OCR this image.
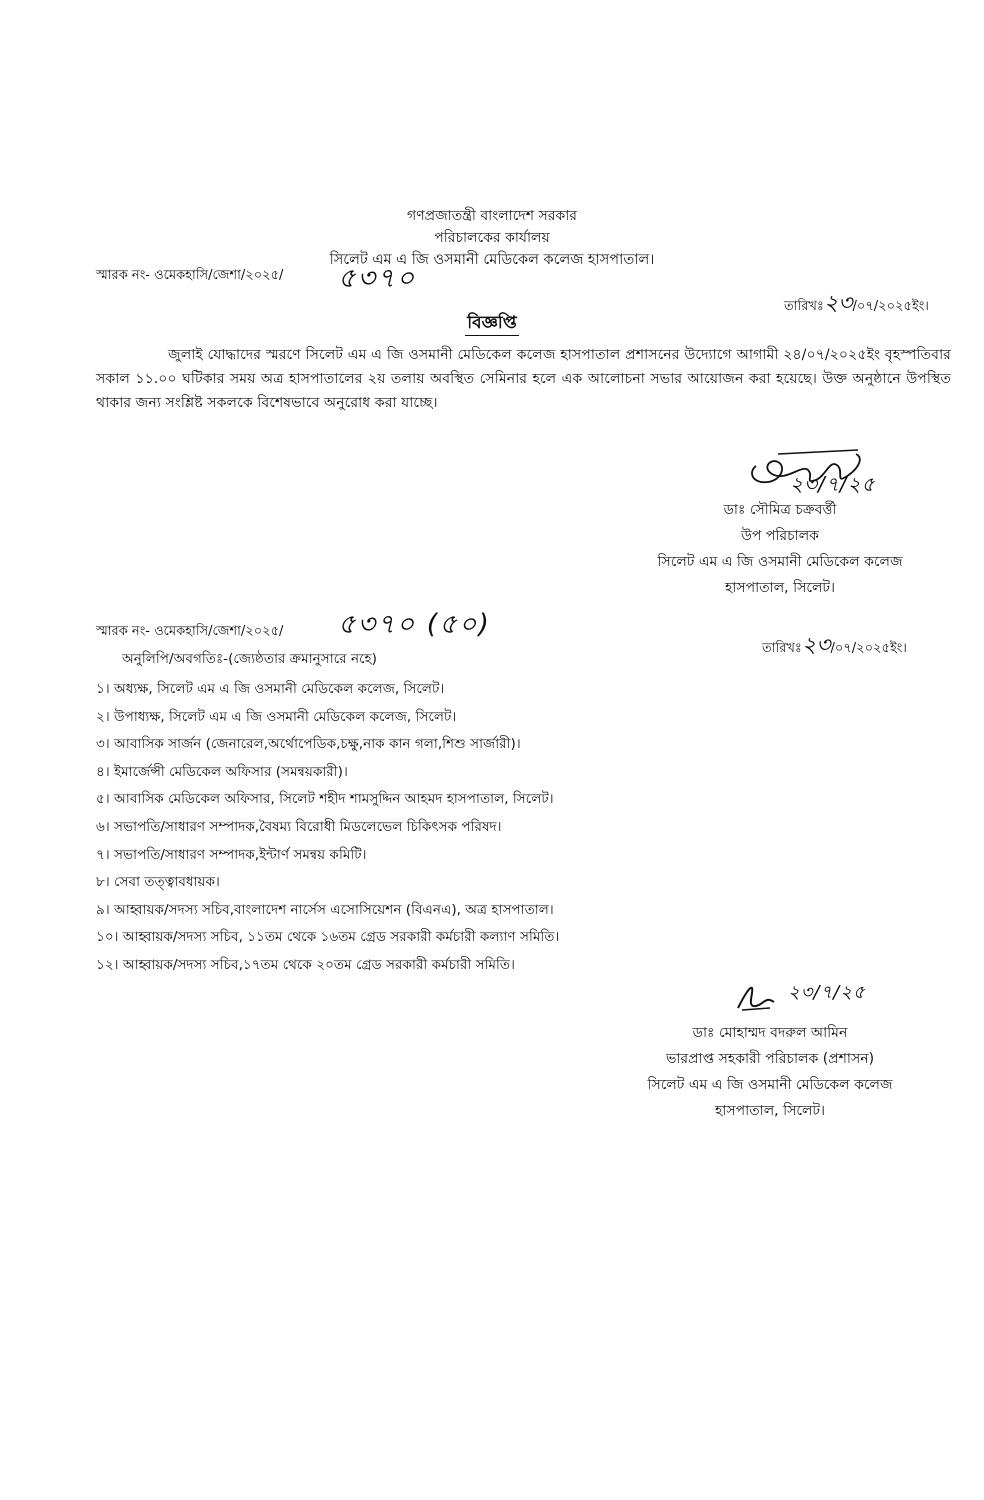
গণপ্রজাতন্ত্রী বাংলাদেশ সরকার
পরিচালকের কার্যালয়
সিলেট এম এ জি ওসমানী মেডিকেল কলেজ হাসপাতাল।
স্মারক নং- ওমেকহাসি/জেশা/২০২৫/ ৫৩৭০
তারিখঃ২৩/০৭/২০২৫ইং।
বিজ্ঞপ্তি
জুলাই যোদ্ধাদের স্মরণে সিলেট এম এ জি ওসমানী মেডিকেল কলেজ হাসপাতাল প্রশাসনের উদ্যোগে আগামী ২৪/০৭/২০২৫ইং বৃহস্পতিবার সকাল ১১.০০ ঘটিকার সময় অত্র হাসপাতালের ২য় তলায় অবস্থিত সেমিনার হলে এক আলোচনা সভার আয়োজন করা হয়েছে। উক্ত অনুষ্ঠানে উপস্থিত থাকার জন্য সংশ্লিষ্ট সকলকে বিশেষভাবে অনুরোধ করা যাচ্ছে।
২৩/৭/২৫
ডাঃ সৌমিত্র চক্রবর্ত্তী
উপ পরিচালক
সিলেট এম এ জি ওসমানী মেডিকেল কলেজ
হাসপাতাল, সিলেট।
স্মারক নং- ওমেকহাসি/জেশা/২০২৫/ ৫৩৭০ (৫০)
তারিখঃ২৩/০৭/২০২৫ইং।
অনুলিপি/অবগতিঃ-(জ্যেষ্ঠতার ক্রমানুসারে নহে)
১। অধ্যক্ষ, সিলেট এম এ জি ওসমানী মেডিকেল কলেজ, সিলেট।
২। উপাধ্যক্ষ, সিলেট এম এ জি ওসমানী মেডিকেল কলেজ, সিলেট।
৩। আবাসিক সার্জন (জেনারেল,অর্থোপেডিক,চক্ষু,নাক কান গলা,শিশু সার্জারী)।
৪। ইমার্জেন্সী মেডিকেল অফিসার (সমন্বয়কারী)।
৫। আবাসিক মেডিকেল অফিসার, সিলেট শহীদ শামসুদ্দিন আহমদ হাসপাতাল, সিলেট।
৬। সভাপতি/সাধারণ সম্পাদক,বৈষম্য বিরোধী মিডলেভেল চিকিৎসক পরিষদ।
৭। সভাপতি/সাধারণ সম্পাদক,ইন্টার্ণ সমন্বয় কমিটি।
৮। সেবা তত্ত্বাবধায়ক।
৯। আহ্বায়ক/সদস্য সচিব,বাংলাদেশ নার্সেস এসোসিয়েশন (বিএনএ), অত্র হাসপাতাল।
১০। আহ্বায়ক/সদস্য সচিব, ১১তম থেকে ১৬তম গ্রেড সরকারী কর্মচারী কল্যাণ সমিতি।
১২। আহ্বায়ক/সদস্য সচিব,১৭তম থেকে ২০তম গ্রেড সরকারী কর্মচারী সমিতি।
২৩/৭/২৫
ডাঃ মোহাম্মদ বদরুল আমিন
ভারপ্রাপ্ত সহকারী পরিচালক (প্রশাসন)
সিলেট এম এ জি ওসমানী মেডিকেল কলেজ
হাসপাতাল, সিলেট।
